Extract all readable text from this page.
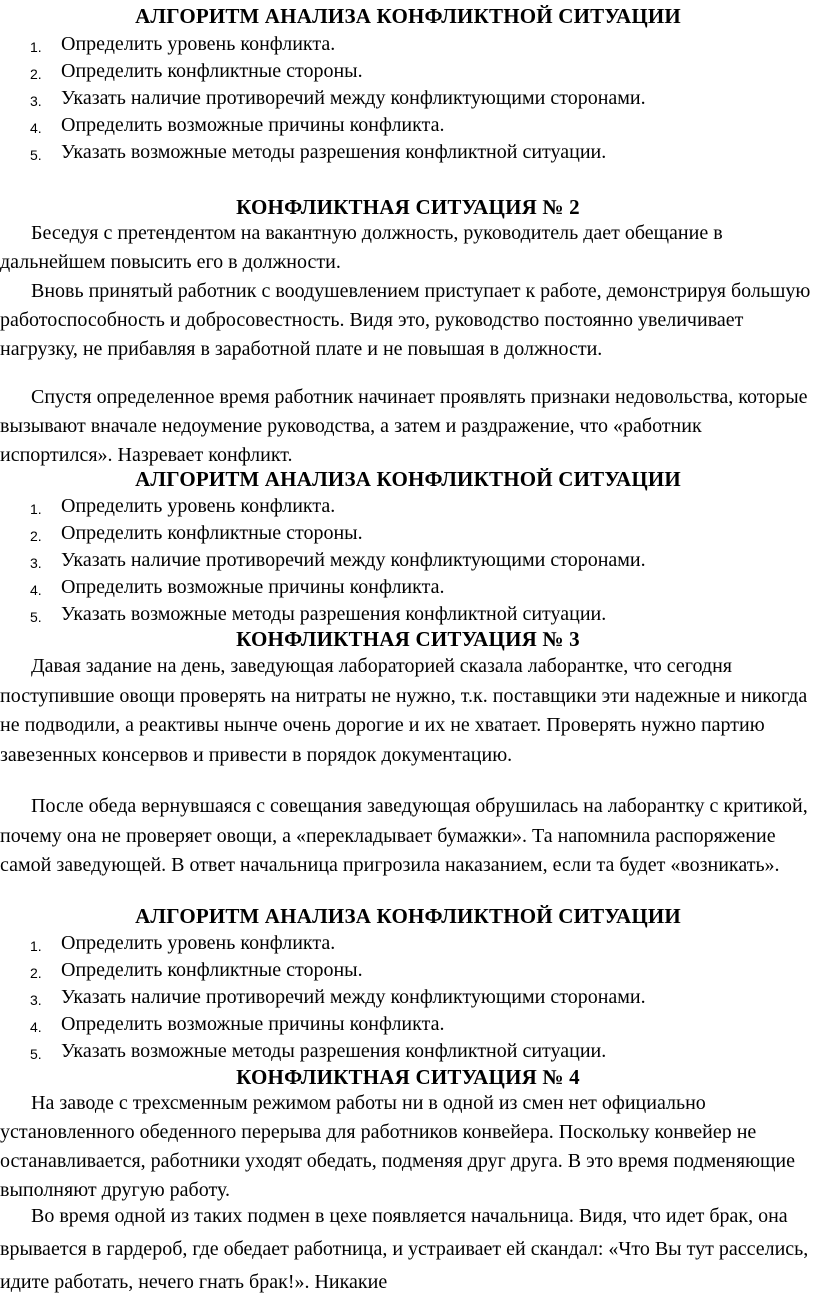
АЛГОРИТМ АНАЛИЗА КОНФЛИКТНОЙ СИТУАЦИИ
1. Определить уровень конфликта.
2. Определить конфликтные стороны.
3. Указать наличие противоречий между конфликтующими сторонами.
4. Определить возможные причины конфликта.
5. Указать возможные методы разрешения конфликтной ситуации.
КОНФЛИКТНАЯ СИТУАЦИЯ № 2

Беседуя с претендентом на вакантную должность, руководитель дает обещание в дальнейшем повысить его в должности.

Вновь принятый работник с воодушевлением приступает к работе, демонстрируя большую работоспособность и добросовестность. Видя это, руководство постоянно увеличивает нагрузку, не прибавляя в заработной плате и не повышая в должности.

Спустя определенное время работник начинает проявлять признаки недовольства, которые вызывают вначале недоумение руководства, а затем и раздражение, что «работник испортился». Назревает конфликт.

АЛГОРИТМ АНАЛИЗА КОНФЛИКТНОЙ СИТУАЦИИ
1. Определить уровень конфликта.
2. Определить конфликтные стороны.
3. Указать наличие противоречий между конфликтующими сторонами.
4. Определить возможные причины конфликта.
5. Указать возможные методы разрешения конфликтной ситуации.
КОНФЛИКТНАЯ СИТУАЦИЯ № 3

Давая задание на день, заведующая лабораторией сказала лаборантке, что сегодня поступившие овощи проверять на нитраты не нужно, т.к. поставщики эти надежные и никогда не подводили, а реактивы нынче очень дорогие и их не хватает. Проверять нужно партию завезенных консервов и привести в порядок документацию.

После обеда вернувшаяся с совещания заведующая обрушилась на лаборантку с критикой, почему она не проверяет овощи, а «перекладывает бумажки». Та напомнила распоряжение самой заведующей. В ответ начальница пригрозила наказанием, если та будет «возникать».

АЛГОРИТМ АНАЛИЗА КОНФЛИКТНОЙ СИТУАЦИИ
1. Определить уровень конфликта.
2. Определить конфликтные стороны.
3. Указать наличие противоречий между конфликтующими сторонами.
4. Определить возможные причины конфликта.
5. Указать возможные методы разрешения конфликтной ситуации.
КОНФЛИКТНАЯ СИТУАЦИЯ № 4

На заводе с трехсменным режимом работы ни в одной из смен нет официально установленного обеденного перерыва для работников конвейера. Поскольку конвейер не останавливается, работники уходят обедать, подменяя друг друга. В это время подменяющие выполняют другую работу.

Во время одной из таких подмен в цехе появляется начальница. Видя, что идет брак, она врывается в гардероб, где обедает работница, и устраивает ей скандал: «Что Вы тут расселись, идите работать, нечего гнать брак!». Никакие
